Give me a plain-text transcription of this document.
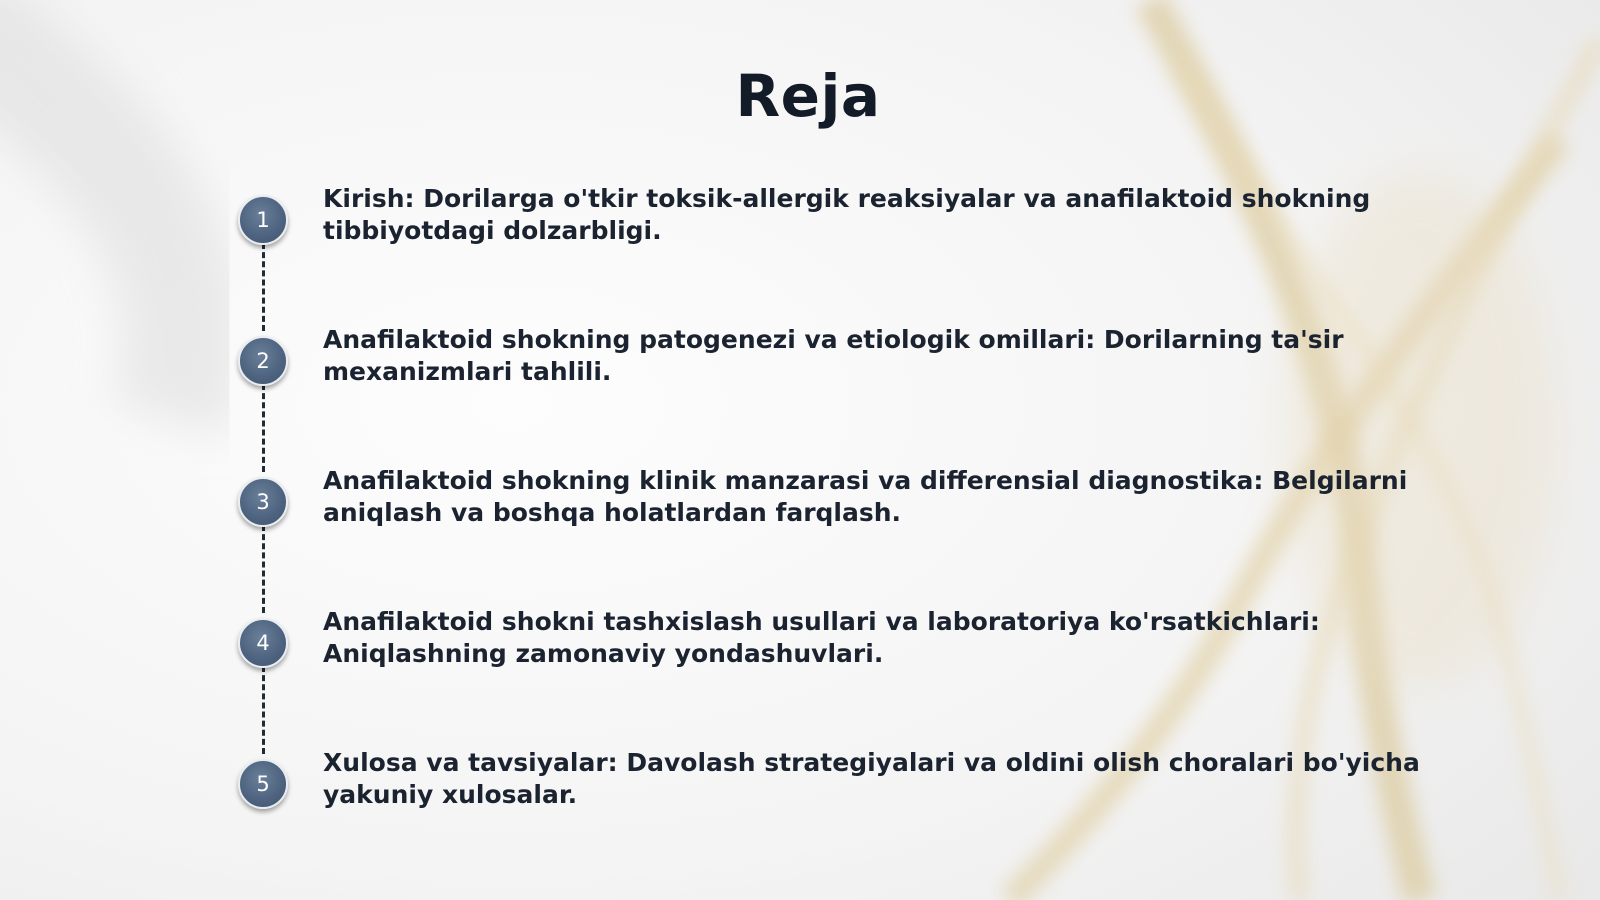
Reja
1
Kirish: Dorilarga o'tkir toksik-allergik reaksiyalar va anafilaktoid shokning tibbiyotdagi dolzarbligi.
2
Anafilaktoid shokning patogenezi va etiologik omillari: Dorilarning ta'sir mexanizmlari tahlili.
3
Anafilaktoid shokning klinik manzarasi va differensial diagnostika: Belgilarni aniqlash va boshqa holatlardan farqlash.
4
Anafilaktoid shokni tashxislash usullari va laboratoriya ko'rsatkichlari: Aniqlashning zamonaviy yondashuvlari.
5
Xulosa va tavsiyalar: Davolash strategiyalari va oldini olish choralari bo'yicha yakuniy xulosalar.
